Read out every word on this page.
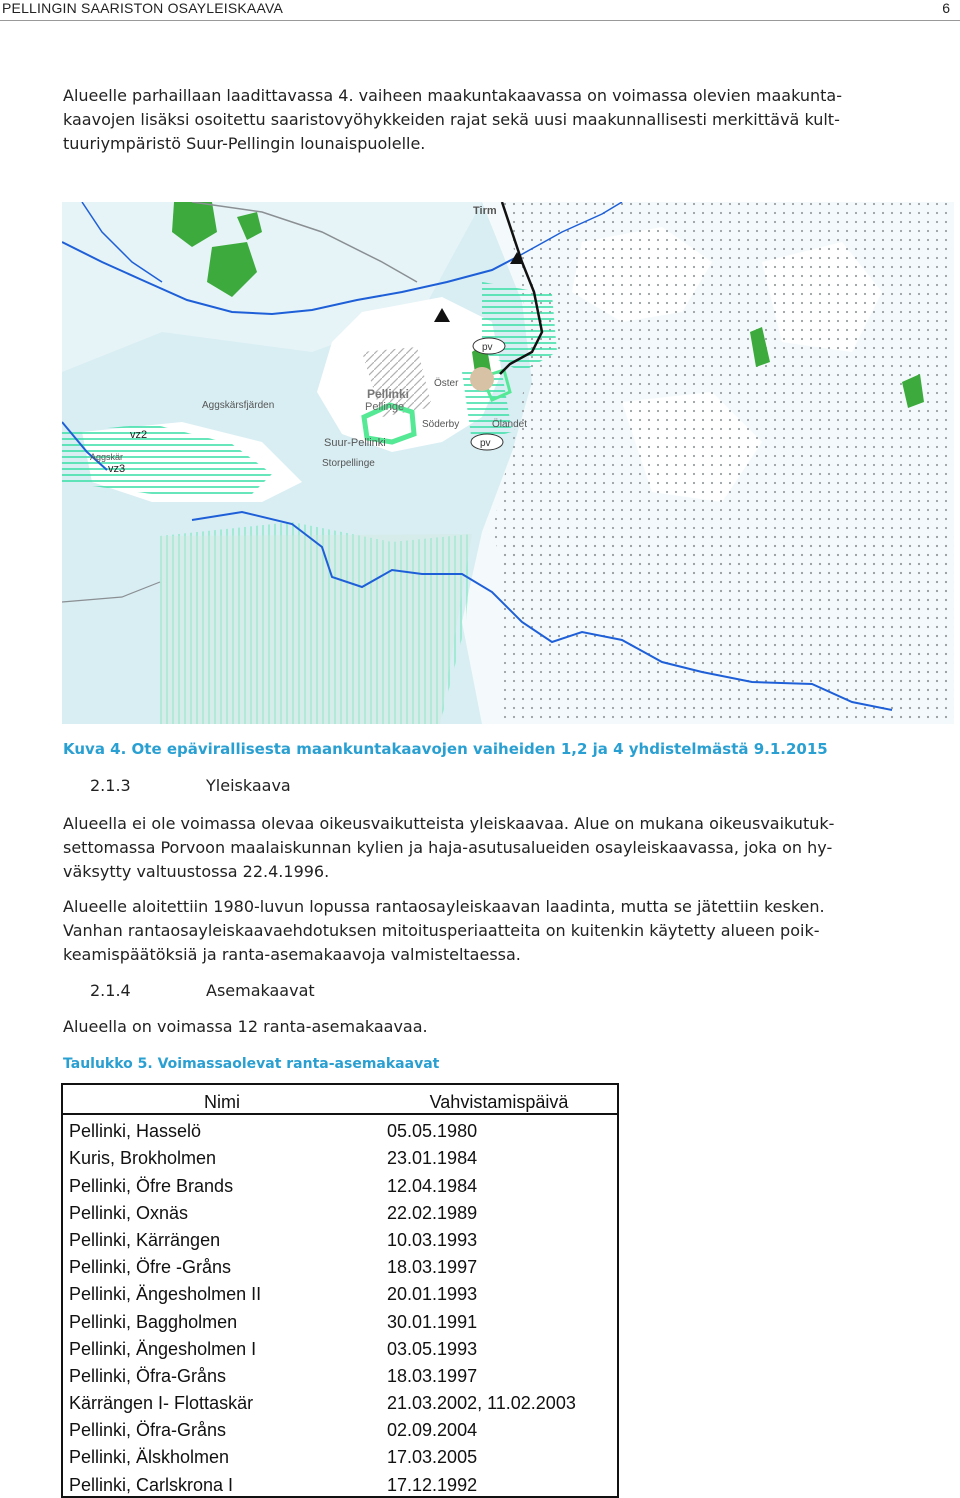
PELLINGIN SAARISTON OSAYLEISKAAVA	6
Alueelle parhaillaan laadittavassa 4. vaiheen maakuntakaavassa on voimassa olevien maakunta-
kaavojen lisäksi osoitettu saaristovyöhykkeiden rajat sekä uusi maakunnallisesti merkittävä kult-
tuuriympäristö Suur-Pellingin lounaispuolelle.
Tirm
Pellinki
Pellinge
Aggskärsfjärden
Suur-Pellinki
Storpellinge
Öster
Söderby	Ölandet
pv
pv
vz2
vz3
Aggskär
Kuva 4. Ote epävirallisesta maankuntakaavojen vaiheiden 1,2 ja 4 yhdistelmästä 9.1.2015
2.1.3	Yleiskaava
Alueella ei ole voimassa olevaa oikeusvaikutteista yleiskaavaa. Alue on mukana oikeusvaikutuk-
settomassa Porvoon maalaiskunnan kylien ja haja-asutusalueiden osayleiskaavassa, joka on hy-
väksytty valtuustossa 22.4.1996.
Alueelle aloitettiin 1980-luvun lopussa rantaosayleiskaavan laadinta, mutta se jätettiin kesken.
Vanhan rantaosayleiskaavaehdotuksen mitoitusperiaatteita on kuitenkin käytetty alueen poik-
keamispäätöksiä ja ranta-asemakaavoja valmisteltaessa.
2.1.4	Asemakaavat
Alueella on voimassa 12 ranta-asemakaavaa.
Taulukko 5. Voimassaolevat ranta-asemakaavat
Nimi	Vahvistamispäivä
Pellinki, Hasselö	05.05.1980
Kuris, Brokholmen	23.01.1984
Pellinki, Öfre Brands	12.04.1984
Pellinki, Oxnäs	22.02.1989
Pellinki, Kärrängen	10.03.1993
Pellinki, Öfre -Gråns	18.03.1997
Pellinki, Ängesholmen II	20.01.1993
Pellinki, Baggholmen	30.01.1991
Pellinki, Ängesholmen I	03.05.1993
Pellinki, Öfra-Gråns	18.03.1997
Kärrängen I- Flottaskär	21.03.2002, 11.02.2003
Pellinki, Öfra-Gråns	02.09.2004
Pellinki, Älskholmen	17.03.2005
Pellinki, Carlskrona I	17.12.1992
